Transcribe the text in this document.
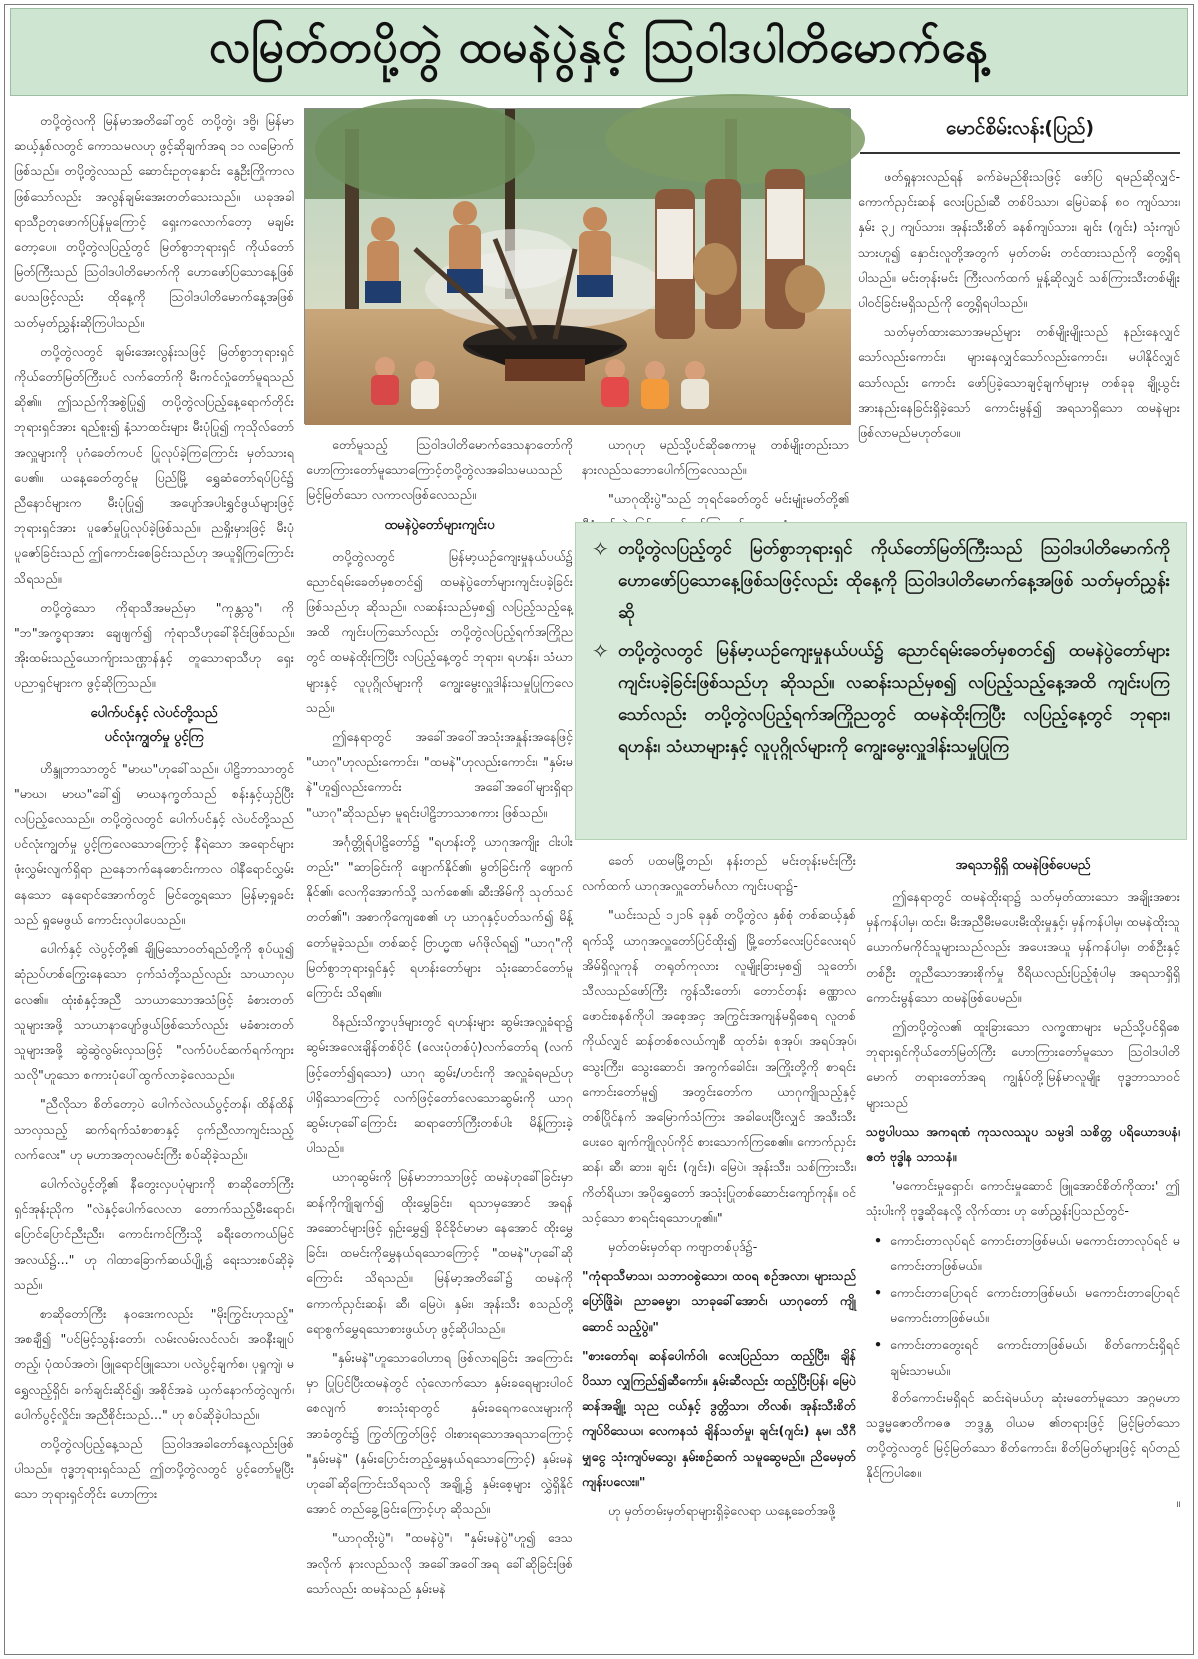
လမြတ်တပို့တွဲ ထမနဲပွဲနှင့် သြဝါဒပါတိမောက်နေ့

တပို့တွဲလကို မြန်မာအတိခေါ်တွင် တပို့တွဲ၊ ဒဗ္ဗိ၊ မြန်မာဆယ့်နှစ်လတွင် ကောသမလဟု ဖွင့်ဆိုချက်အရ ၁၁ လမြောက်ဖြစ်သည်။ တပို့တွဲလသည် ဆောင်းဥတုနှောင်း နွေဦးကြိုကာလဖြစ်သော်လည်း အလွန်ချမ်းအေးတတ်သေးသည်။ ယခုအခါ ရာသီဥတုဖောက်ပြန်မှုကြောင့် ရှေးကလောက်တော့ မချမ်းတော့ပေ။ တပို့တွဲလပြည့်တွင် မြတ်စွာဘုရားရှင် ကိုယ်တော်မြတ်ကြီးသည် သြဝါဒပါတိမောက်ကို ဟောဖော်ပြသောနေ့ဖြစ်ပေသဖြင့်လည်း ထိုနေ့ကို သြဝါဒပါတိမောက်နေ့အဖြစ် သတ်မှတ်ညွှန်းဆိုကြပါသည်။

တပို့တွဲလတွင် ချမ်းအေးလွန်းသဖြင့် မြတ်စွာဘုရားရှင်ကိုယ်တော်မြတ်ကြီးပင် လက်တော်ကို မီးကင်လှုံတော်မူရသည်ဆို၏။ ဤသည်ကိုအစွဲပြု၍ တပို့တွဲလပြည့်နေ့ရောက်တိုင်း ဘုရားရှင်အား ရည်စူး၍ နံ့သာထင်းများ မီးပုံပြု၍ ကုသိုလ်တော်အလှူများကို ပုဂံခေတ်ကပင် ပြုလုပ်ခဲ့ကြကြောင်း မှတ်သားရပေ၏။ ယနေ့ခေတ်တွင်မူ ပြည်မြို့ ရွှေဆံတော်ရပ်ပြင်၌ ညီနောင်များက မီးပုံပြု၍ အပျော်အပါးရွှင်ဖွယ်များဖြင့် ဘုရားရှင်အား ပူဇော်မှုပြုလုပ်ခဲ့ဖြစ်သည်။ ညရှိုးမှားဖြင့် မီးပုံပူဇော်ခြင်းသည် ဤကောင်းစေခြင်းသည်ဟု အယူရှိကြကြောင်းသိရသည်။

တပို့တွဲသော ကိုရာသီအမည်မှာ "ကုန္တသွ"၊ ကို "ဘ"အက္ခရာအား ချေဖျက်၍ ကုံရာသီဟုခေါ်ခိုင်းဖြစ်သည်။ အိုးထမ်းသည့်ယောက်ျားသဏ္ဌာန်နှင့် တူသောရာသီဟု ရှေးပညာရှင်များက ဖွင့်ဆိုကြသည်။

ပေါက်ပင်နှင့် လဲပင်တို့သည်
ပင်လုံးကျွတ်မှု ပွင့်ကြ

ဟိန္ဒူဘာသာတွင် "မာဃ"ဟုခေါ်သည်။ ပါဠိဘာသာတွင် "မာဃ၊ မာဃ"ခေါ်၍ မာဃနက္ခတ်သည် စန်းနှင့်ယှဉ်ပြီး လပြည့်လေသည်။ တပို့တွဲလတွင် ပေါက်ပင်နှင့် လဲပင်တို့သည် ပင်လုံးကျွတ်မှု ပွင့်ကြလေသောကြောင့် နီရဲသော အရောင်များ ဖုံးလွှမ်းလျက်ရှိရာ ညနေဘက်နေစောင်းကာလ ဝါနီရောင်လွှမ်းနေသော နေရောင်အောက်တွင် မြင်တွေ့ရသော မြန်မာ့ရှုခင်းသည် ရှုမေဖွယ် ကောင်းလှပါပေသည်။

ပေါက်နှင့် လဲပွင့်တို့၏ ချိုမြသောဝတ်ရည်တို့ကို စုပ်ယူ၍ ဆုံညပ်ဟစ်ကြွေးနေသော ငှက်သံတို့သည်လည်း သာယာလှပလေ၏။ ထုံးစံနှင့်အညီ သာယာသောအသံဖြင့် ခံစားတတ်သူများအဖို့ သာယာနာပျော်ဖွယ်ဖြစ်သော်လည်း မခံစားတတ်သူများအဖို့ ဆွဲဆွဲလွမ်းလှသဖြင့် "လက်ပံပင်ဆက်ရက်ကျားသလို"ဟူသော စကားပုံပေါ်ထွက်လာခဲ့လေသည်။

"ညီလိုသာ စိတ်တော့ပဲ ပေါက်လဲလယ်ပွင့်တန်၊ ထိန်ထိန်သာလှသည့် ဆက်ရက်သံစာစာနှင့် ငှက်ညီလာကျင်းသည့်လက်လေး" ဟု မဟာအတုလမင်းကြီး စပ်ဆိုခဲ့သည်။

ပေါက်လဲပွင့်တို့၏ နီတွေးလှပပုံများကို စာဆိုတော်ကြီး ရှင်အုန်းညိုက "လဲနှင့်ပေါက်လေလာ တောက်သည့်မီးရောင်၊ ပြောင်ပြောင်ညီးညီး၊ ကောင်းကင်ကြီးသို့ ခရီးတေကယ်မြင်အလယ်၌..." ဟု ဂါထာခြောက်ဆယ်ပျို့၌ ရေးသားစပ်ဆိုခဲ့သည်။

စာဆိုတော်ကြီး နဝဒေးကလည်း "မိုးကြွင်းဟုသည့်" အစချီ၍ "ပင်မြင့်သွန်းတော်၊ လမ်းလမ်းလင်လင်၊ အဝနီးချုပ်တည့်၊ ပုံထပ်အတဲ၊ ဖြူရောင်ဖြူသော၊ ပလဲပွင့်ချက်စ၊ ပုရှုကျဲ၊ မရွှေလည့်ရှိင်၊ ခက်ချင်းဆိုင်၍၊ အစိုင်အခဲ ယှက်နောက်တွဲလျက်၊ ပေါက်ပွင့်လှိုင်း၊ အညီစိုင်းသည်..." ဟု စပ်ဆိုခဲ့ပါသည်။

တပို့တွဲလပြည့်နေ့သည် သြဝါဒအခါတော်နေ့လည်းဖြစ်ပါသည်။ ဗုဒ္ဓဘုရားရှင်သည် ဤတပို့တွဲလတွင် ပွင့်တော်မူပြီးသော ဘုရားရှင်တိုင်း ဟောကြား

မောင်စိမ်းလန်း(ပြည်)

ဖတ်ရှုနားလည်ရန် ခက်ခဲမည်စိုးသဖြင့် ဖော်ပြ ရမည်ဆိုလျှင်- ကောက်ညှင်းဆန် လေးပြည်၊ဆီ တစ်ပိဿာ၊ မြေပဲဆန် ၈၀ ကျပ်သား၊ နှမ်း ၃၂ ကျပ်သား၊ အုန်းသီးစိတ် ခနစ်ကျပ်သား၊ ချင်း (ဂျင်း) သုံးကျပ်သားဟူ၍ နှောင်းလူတို့အတွက် မှတ်တမ်း တင်ထားသည်ကို တွေ့ရှိရပါသည်။ မင်းတုန်းမင်း ကြီးလက်ထက် မှုန့်ဆိုလျှင် သစ်ကြားသီးတစ်မျိုး ပါဝင်ခြင်းမရှိသည်ကို တွေ့ရှိရပါသည်။

သတ်မှတ်ထားသောအမည်များ တစ်မျိုးမျိုးသည် နည်းနေလျှင်သော်လည်းကောင်း၊ များနေလျှင်သော်လည်းကောင်း၊ မပါနိုင်လျှင်သော်လည်း ကောင်း ဖော်ပြခဲ့သောချင့်ချက်များမှ တစ်ခုခု ချို့ယွင်းအားနည်းနေခြင်းရှိခဲ့သော် ကောင်းမွန်၍ အရသာရှိသော ထမနဲများဖြစ်လာမည်မဟုတ်ပေ။

တော်မူသည့် သြဝါဒပါတိမောက်ဒေသနာတော်ကို ဟောကြားတော်မူသောကြောင့်တပို့တွဲလအခါသမယသည် မြင့်မြတ်သော လကာလဖြစ်လေသည်။

ထမနဲပွဲတော်များကျင်းပ

တပို့တွဲလတွင် မြန်မာ့ယဉ်ကျေးမှုနယ်ပယ်၌ ညောင်ရမ်းခေတ်မှစတင်၍ ထမနဲပွဲတော်များကျင်းပခဲ့ခြင်းဖြစ်သည်ဟု ဆိုသည်။ လဆန်းသည်မှစ၍ လပြည့်သည့်နေ့အထိ ကျင်းပကြသော်လည်း တပို့တွဲလပြည့်ရက်အကြိုညတွင် ထမနဲထိုးကြပြီး လပြည့်နေ့တွင် ဘုရား၊ ရဟန်း၊ သံဃာများနှင့် လူပုဂ္ဂိုလ်များကို ကျွေးမွေးလှူဒါန်းသမှုပြုကြလေသည်။

ဤနေရာတွင် အခေါ်အဝေါ်အသုံးအနှုန်းအနေဖြင့် "ယာဂု"ဟုလည်းကောင်း၊ "ထမနဲ"ဟုလည်းကောင်း၊ "နှမ်းမနဲ"ဟူ၍လည်းကောင်း အခေါ်အဝေါ်များရှိရာ "ယာဂု"ဆိုသည်မှာ မူရင်းပါဠိဘာသာစကား ဖြစ်သည်။

အင်္ဂုတ္တိုရ်ပါဠိတော်၌ "ရဟန်းတို့ ယာဂုအကျိုး ငါးပါးတည်း" "ဆာခြင်းကို ဖျောက်နိုင်၏၊ မွတ်ခြင်းကို ဖျောက်နိုင်၏၊ လေကိုအောက်သို့ သက်စေ၏၊ ဆီးအိမ်ကို သုတ်သင်တတ်၏"၊ အစာကိုကျေစေ၏ ဟု ယာဂုနှင့်ပတ်သက်၍ မိန့်တော်မူခဲ့သည်။ တစ်ဆင့် ဗြာဟ္မဏ မဂ်ဖိုလ်ရ၍ "ယာဂု"ကို မြတ်စွာဘုရားရှင်နှင့် ရဟန်းတော်များ သုံးဆောင်တော်မူကြောင်း သိရ၏။

ဝိနည်းသိက္ခာပုဒ်များတွင် ရဟန်းများ ဆွမ်းအလှူခံရာ၌ ဆွမ်းအလေးချိန်တစ်ပိုင် (လေးပုံတစ်ပုံ)လက်တော်ရ (လက်ဖြင့်တော်၍ရသော) ယာဂု ဆွမ်း/ဟင်းကို အလှူခံရမည်ဟု ပါရှိသောကြောင့် လက်ဖြင့်တော်လေသောဆွမ်းကို ယာဂုဆွမ်းဟုခေါ်ကြောင်း ဆရာတော်ကြီးတစ်ပါး မိန့်ကြားခဲ့ပါသည်။

ယာဂုဆွမ်းကို မြန်မာဘာသာဖြင့် ထမနဲဟုခေါ်ခြင်းမှာ ဆန်ကိုကျိုချက်၍ ထိုးမွှေခြင်း၊ ရသာမှအောင် အရန်အဆောင်များဖြင့် ရှဉ်းမွှေ၍ ခိုင်ခိုင်မာမာ နေအောင် ထိုးမွှေခြင်း၊ ထမင်းကိုမွှေနယ်ရသောကြောင့် "ထမနဲ"ဟုခေါ်ဆိုကြောင်း သိရသည်။ မြန်မာ့အတိခေါ်၌ ထမနဲကို ကောက်ညှင်းဆန်၊ ဆီ၊ မြေပဲ၊ နှမ်း၊ အုန်းသီး စသည်တို့ ရောစွက်မွှေရသောစားဖွယ်ဟု ဖွင့်ဆိုပါသည်။

"နှမ်းမနဲ"ဟူသောဝေါဟာရ ဖြစ်လာရခြင်း အကြောင်းမှာ ပြုပြင်ပြီးထမနဲတွင် လုံလောက်သော နှမ်းခရေများပါဝင်စေလျက် စားသုံးရာတွင် နှမ်းခရေကလေးများကို အာခံတွင်း၌ ကြွတ်ကြွတ်ဖြင့် ဝါးစားရသောအရသာကြောင့် "နှမ်းမနဲ" (နှမ်းပြောင်းတည့်မွှေနယ်ရသောကြောင့်) နှမ်းမနဲဟုခေါ်ဆိုကြောင်းသိရသလို အချို့၌ နှမ်းစေ့များ လွှဲရှိနိုင်အောင် တည်ခွေ့ခြင်းကြောင့်ဟု ဆိုသည်။

"ယာဂုထိုးပွဲ"၊ "ထမနဲပွဲ"၊ "နှမ်းမနဲပွဲ"ဟူ၍ ဒေသအလိုက် နားလည်သလို အခေါ်အဝေါ်အရ ခေါ်ဆိုခြင်းဖြစ်သော်လည်း ထမနဲသည် နှမ်းမနဲ

ယာဂုဟု မည်သို့ပင်ဆိုစေကာမူ တစ်မျိုးတည်းသာ နားလည်သဘောပေါက်ကြလေသည်။

"ယာဂုထိုးပွဲ"သည် ဘုရင်ခေတ်တွင် မင်းမျုံးမတ်တို့၏

✧ တပို့တွဲလပြည့်တွင် မြတ်စွာဘုရားရှင် ကိုယ်တော်မြတ်ကြီးသည် သြဝါဒပါတိမောက်ကို ဟောဖော်ပြသောနေ့ဖြစ်သဖြင့်လည်း ထိုနေ့ကို သြဝါဒပါတိမောက်နေ့အဖြစ် သတ်မှတ်ညွှန်းဆို
✧ တပို့တွဲလတွင် မြန်မာ့ယဉ်ကျေးမှုနယ်ပယ်၌ ညောင်ရမ်းခေတ်မှစတင်၍ ထမနဲပွဲတော်များကျင်းပခဲ့ခြင်းဖြစ်သည်ဟု ဆိုသည်။ လဆန်းသည်မှစ၍ လပြည့်သည့်နေ့အထိ ကျင်းပကြသော်လည်း တပို့တွဲလပြည့်ရက်အကြိုညတွင် ထမနဲထိုးကြပြီး လပြည့်နေ့တွင် ဘုရား၊ ရဟန်း၊ သံဃာများနှင့် လူပုဂ္ဂိုလ်များကို ကျွေးမွေးလှူဒါန်းသမှုပြုကြ

ခေတ် ပထမမြို့တည်၊ နန်းတည် မင်းတုန်းမင်းကြီးလက်ထက် ယာဂုအလှူတော်မင်္ဂလာ ကျင်းပရာ၌-

"ယင်းသည် ၁၂၁၆ ခုနှစ် တပို့တွဲလ နှစ်စုံ တစ်ဆယ့်နှစ်ရက်သို့ ယာဂုအလှူတော်ပြင်ထိုး၍ မြို့တော်လေးပြင်လေးရပ် အိမ်ရှိလူကုန် တရုတ်ကုလား လူမျိုးခြားမှစ၍ သူတော်၊ သီလသည်ဖော်ကြီး ကွန်သီးတော်၊ တောင်တန်း ဓဏ္ဏာလဖောင်းစနစ်ကိုပါ အစေ့အငှ အကြွင်းအကျန်မရှိစေရ လူတစ်ကိုယ်လျှင် ဆန်တစ်စလယ်ကျစီ ထုတ်ခံ၊ စုအုပ်၊ အရပ်အုပ်၊ သွေးကြီး၊ သွေးဆောင်၊ အကွက်ခေါင်း၊ အကြိုးတို့ကို စာရင်းကောင်းတော်မူ၍ အတွင်းတော်က ယာဂုကျိုသည့်နှင့်တစ်ပြိုင်နက် အမြောက်သံကြား အခါပေးပြီးလျှင် အသီးသီးပေးဝေ ချက်ကျိုလုပ်ကိုင် စားသောက်ကြစေ၏။ ကောက်ညှင်းဆန်၊ ဆီ၊ ဆား၊ ချင်း (ဂျင်း)၊ မြေပဲ၊ အုန်းသီး၊ သစ်ကြားသီး၊ ကိတ်ရိယာ၊ အပိုရွှေတော် အသုံးပြုတစ်ဆောင်းကျော်ကုန်။ ဝင်သင့်သော စာရင်းရသောဟူ၏။"

မှတ်တမ်းမှတ်ရာ ကဗျာတစ်ပုဒ်၌-

"ကုံရာသီမာသ၊ သဘာဝစွဲသော၊ ထဝရ စဉ်အလာ၊ များသည်ပြော်ဖြိုခဲ၊ ညာခဓမ္မာ၊ သာခုခေါ်အောင်၊ ယာဂုတော် ကျိုဆောင် သည့်ပွဲ။"

"စားတော်ရ၊ ဆန်ပေါက်ဝါ၊ လေးပြည်သာ ထည့်ပြီး၊ ချိန်ပိဿာ လျှကြည်၍ဆီကော်။ နှမ်းဆီလည်း ထည့်ပြီးပြန်၊ မြေပဲဆန်အချို့၊ သုည ငယ်နှင့် ဒွတ္တိသာ၊ တိလစ်၊ အုန်းသီးစိတ် ကျပ်ဝိသေယ၊ လေကနသံ ချိန်သတ်မှု၊ ချင်း(ဂျင်း) နုမ၊ သီဂီမျှငွေ သုံးကျပ်မသွေ၊ နှမ်းစဉ်ဆက် သမူဆွေမည်။ ညိမေမှတ်ကျန်းပလေး။"

ဟု မှတ်တမ်းမှတ်ရာများရှိခဲ့လေရာ ယနေ့ခေတ်အဖို့

အရသာရှိရှိ ထမနဲဖြစ်ပေမည်

ဤနေရာတွင် ထမနဲထိုးရာ၌ သတ်မှတ်ထားသော အချိုးအစားမှန်ကန်ပါမှ၊ ထင်း၊ မီးအညီမီးမပေးမီးထိုးမှုနှင့်၊ မှန်ကန်ပါမှ၊ ထမနဲထိုးသူ ယောက်မကိုင်သူများသည်လည်း အပေးအယူ မှန်ကန်ပါမှ၊ တစ်ဦးနှင့်တစ်ဦး တူညီသောအားစိုက်မှု ဝီရိယလည်းပြည့်စုံပါမှ အရသာရှိရှိကောင်းမွန်သော ထမနဲဖြစ်ပေမည်။

ဤတပို့တွဲလ၏ ထူးခြားသော လက္ခဏာများ မည်သို့ပင်ရှိစေ ဘုရားရှင်ကိုယ်တော်မြတ်ကြီး ဟောကြားတော်မူသော သြဝါဒပါတိမောက် တရားတော်အရ ကျွန်ုပ်တို့မြန်မာလူမျိုး ဗုဒ္ဓဘာသာဝင်များသည်

သဗ္ဗပါပဿ အကရဏံ ကုသလဿူပ သမ္ပဒါ သစိတ္တ ပရိယောဒပနံ၊ ဧတံ ဗုဒ္ဓါန သာသနံ။

'မကောင်းမှုရှောင်၊ ကောင်းမှုဆောင် ဖြူအောင်စိတ်ကိုထား' ဤသုံးပါးကို ဗုဒ္ဓဆိုနေလို့ လိုက်ထား ဟု ဖော်ညွှန်းပြသည်တွင်-

• ကောင်းတာလုပ်ရင် ကောင်းတာဖြစ်မယ်၊ မကောင်းတာလုပ်ရင် မကောင်းတာဖြစ်မယ်။
• ကောင်းတာပြောရင် ကောင်းတာဖြစ်မယ်၊ မကောင်းတာပြောရင် မကောင်းတာဖြစ်မယ်။
• ကောင်းတာတွေးရင် ကောင်းတာဖြစ်မယ်၊ စိတ်ကောင်းရှိရင် ချမ်းသာမယ်။

စိတ်ကောင်းမရှိရင် ဆင်းရဲမယ်ဟု ဆုံးမတော်မူသော အဂ္ဂမဟာ သဒ္ဓမ္မဇောတိကဓဇ ဘဒ္ဒန္တ ဝါယမ ၏တရားဖြင့် မြင့်မြတ်သောတပို့တွဲလတွင် မြင့်မြတ်သော စိတ်ကောင်း၊ စိတ်မြတ်များဖြင့် ရပ်တည် နိုင်ကြပါစေ။

။
